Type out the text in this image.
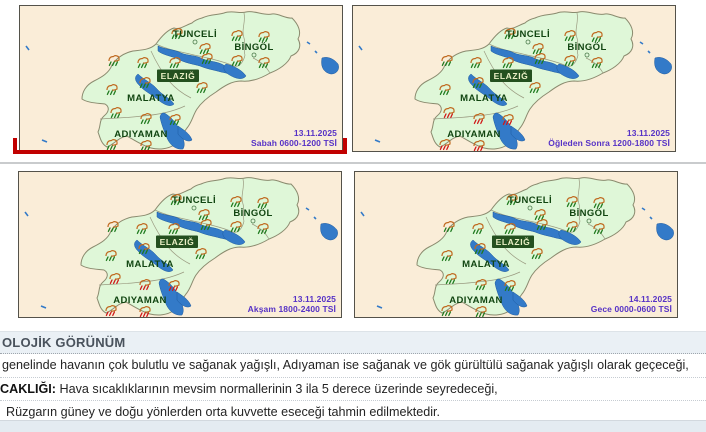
TUNCELİ
BİNGÖL
MALATYA
ADIYAMAN
ELAZIĞ
13.11.2025
Sabah 0600-1200 TSİ
TUNCELİ
BİNGÖL
MALATYA
ADIYAMAN
ELAZIĞ
13.11.2025
Öğleden Sonra 1200-1800 TSİ
TUNCELİ
BİNGÖL
MALATYA
ADIYAMAN
ELAZIĞ
13.11.2025
Akşam 1800-2400 TSİ
TUNCELİ
BİNGÖL
MALATYA
ADIYAMAN
ELAZIĞ
14.11.2025
Gece 0000-0600 TSİ
OLOJİK GÖRÜNÜM
genelinde havanın çok bulutlu ve sağanak yağışlı, Adıyaman ise sağanak ve gök gürültülü sağanak yağışlı olarak geçeceği,
CAKLIĞI: Hava sıcaklıklarının mevsim normallerinin 3 ila 5 derece üzerinde seyredeceği,
Rüzgarın güney ve doğu yönlerden orta kuvvette eseceği tahmin edilmektedir.
